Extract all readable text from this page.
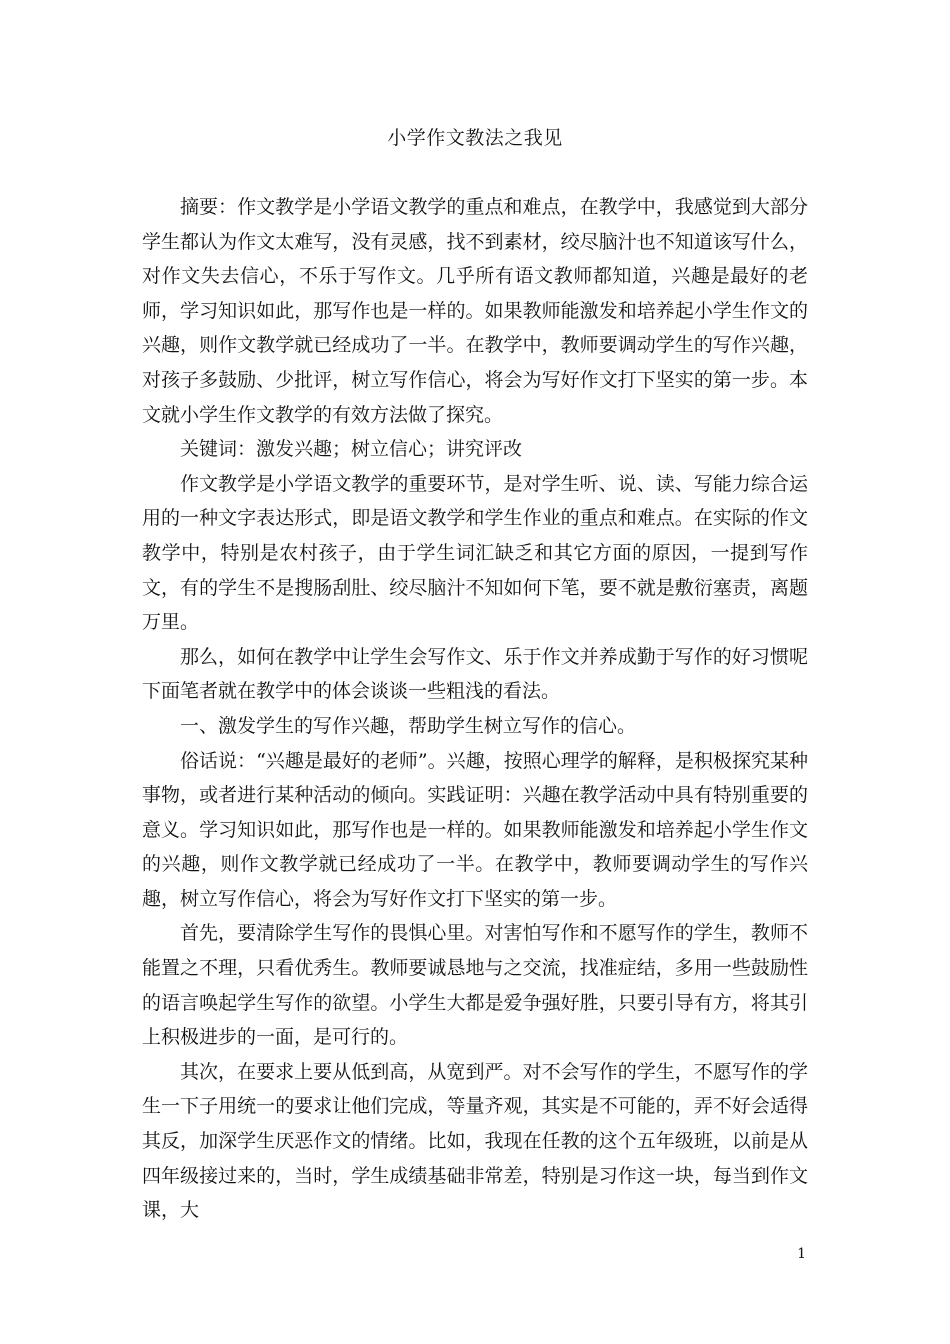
小学作文教法之我见

摘要：作文教学是小学语文教学的重点和难点，在教学中，我感觉到大部分学生都认为作文太难写，没有灵感，找不到素材，绞尽脑汁也不知道该写什么，对作文失去信心，不乐于写作文。几乎所有语文教师都知道，兴趣是最好的老师，学习知识如此，那写作也是一样的。如果教师能激发和培养起小学生作文的兴趣，则作文教学就已经成功了一半。在教学中，教师要调动学生的写作兴趣，对孩子多鼓励、少批评，树立写作信心，将会为写好作文打下坚实的第一步。本文就小学生作文教学的有效方法做了探究。

关键词：激发兴趣；树立信心；讲究评改

作文教学是小学语文教学的重要环节，是对学生听、说、读、写能力综合运用的一种文字表达形式，即是语文教学和学生作业的重点和难点。在实际的作文教学中，特别是农村孩子，由于学生词汇缺乏和其它方面的原因，一提到写作文，有的学生不是搜肠刮肚、绞尽脑汁不知如何下笔，要不就是敷衍塞责，离题万里。

那么，如何在教学中让学生会写作文、乐于作文并养成勤于写作的好习惯呢下面笔者就在教学中的体会谈谈一些粗浅的看法。

一、激发学生的写作兴趣，帮助学生树立写作的信心。

俗话说：“兴趣是最好的老师”。兴趣，按照心理学的解释，是积极探究某种事物，或者进行某种活动的倾向。实践证明：兴趣在教学活动中具有特别重要的意义。学习知识如此，那写作也是一样的。如果教师能激发和培养起小学生作文的兴趣，则作文教学就已经成功了一半。在教学中，教师要调动学生的写作兴趣，树立写作信心，将会为写好作文打下坚实的第一步。

首先，要清除学生写作的畏惧心里。对害怕写作和不愿写作的学生，教师不能置之不理，只看优秀生。教师要诚恳地与之交流，找准症结，多用一些鼓励性的语言唤起学生写作的欲望。小学生大都是爱争强好胜，只要引导有方，将其引上积极进步的一面，是可行的。

其次，在要求上要从低到高，从宽到严。对不会写作的学生，不愿写作的学生一下子用统一的要求让他们完成，等量齐观，其实是不可能的，弄不好会适得其反，加深学生厌恶作文的情绪。比如，我现在任教的这个五年级班，以前是从四年级接过来的，当时，学生成绩基础非常差，特别是习作这一块，每当到作文课，大

1
